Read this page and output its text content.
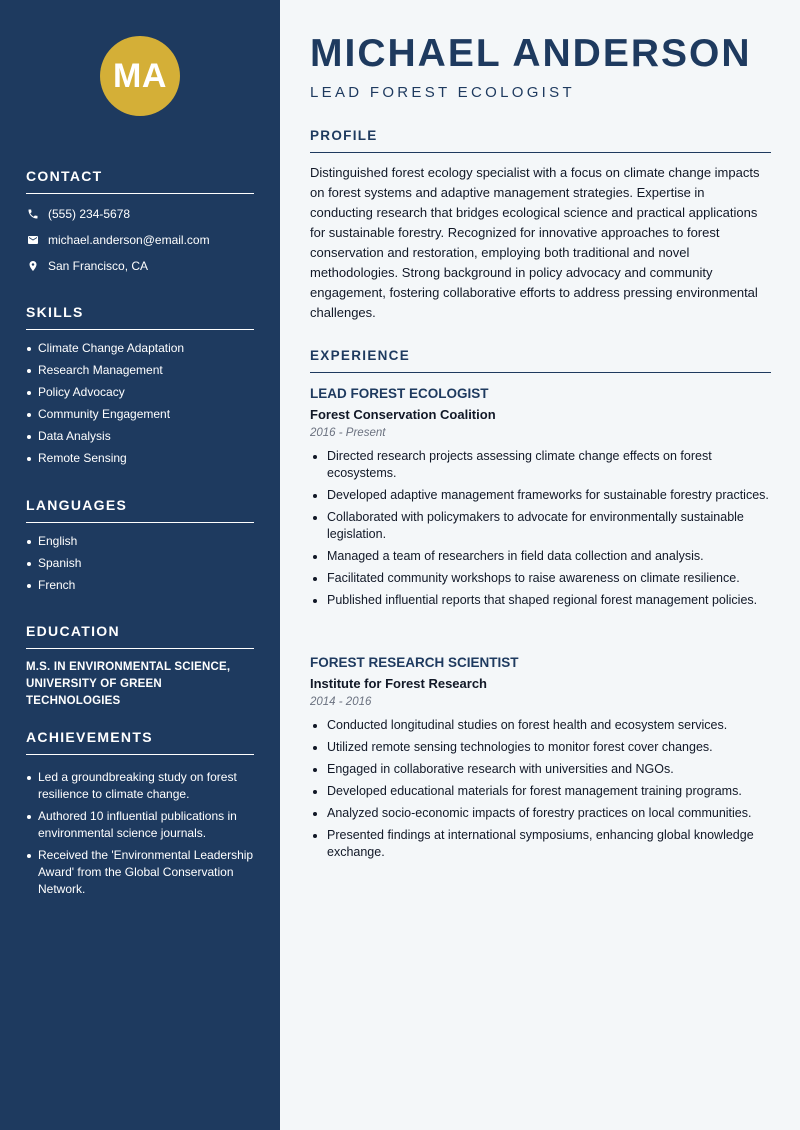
MA
CONTACT
(555) 234-5678
michael.anderson@email.com
San Francisco, CA
SKILLS
Climate Change Adaptation
Research Management
Policy Advocacy
Community Engagement
Data Analysis
Remote Sensing
LANGUAGES
English
Spanish
French
EDUCATION
M.S. IN ENVIRONMENTAL SCIENCE, UNIVERSITY OF GREEN TECHNOLOGIES
ACHIEVEMENTS
Led a groundbreaking study on forest resilience to climate change.
Authored 10 influential publications in environmental science journals.
Received the 'Environmental Leadership Award' from the Global Conservation Network.
MICHAEL ANDERSON
LEAD FOREST ECOLOGIST
PROFILE

Distinguished forest ecology specialist with a focus on climate change impacts on forest systems and adaptive management strategies. Expertise in conducting research that bridges ecological science and practical applications for sustainable forestry. Recognized for innovative approaches to forest conservation and restoration, employing both traditional and novel methodologies. Strong background in policy advocacy and community engagement, fostering collaborative efforts to address pressing environmental challenges.

EXPERIENCE
LEAD FOREST ECOLOGIST
Forest Conservation Coalition
2016 - Present
Directed research projects assessing climate change effects on forest ecosystems.
Developed adaptive management frameworks for sustainable forestry practices.
Collaborated with policymakers to advocate for environmentally sustainable legislation.
Managed a team of researchers in field data collection and analysis.
Facilitated community workshops to raise awareness on climate resilience.
Published influential reports that shaped regional forest management policies.
FOREST RESEARCH SCIENTIST
Institute for Forest Research
2014 - 2016
Conducted longitudinal studies on forest health and ecosystem services.
Utilized remote sensing technologies to monitor forest cover changes.
Engaged in collaborative research with universities and NGOs.
Developed educational materials for forest management training programs.
Analyzed socio-economic impacts of forestry practices on local communities.
Presented findings at international symposiums, enhancing global knowledge exchange.
